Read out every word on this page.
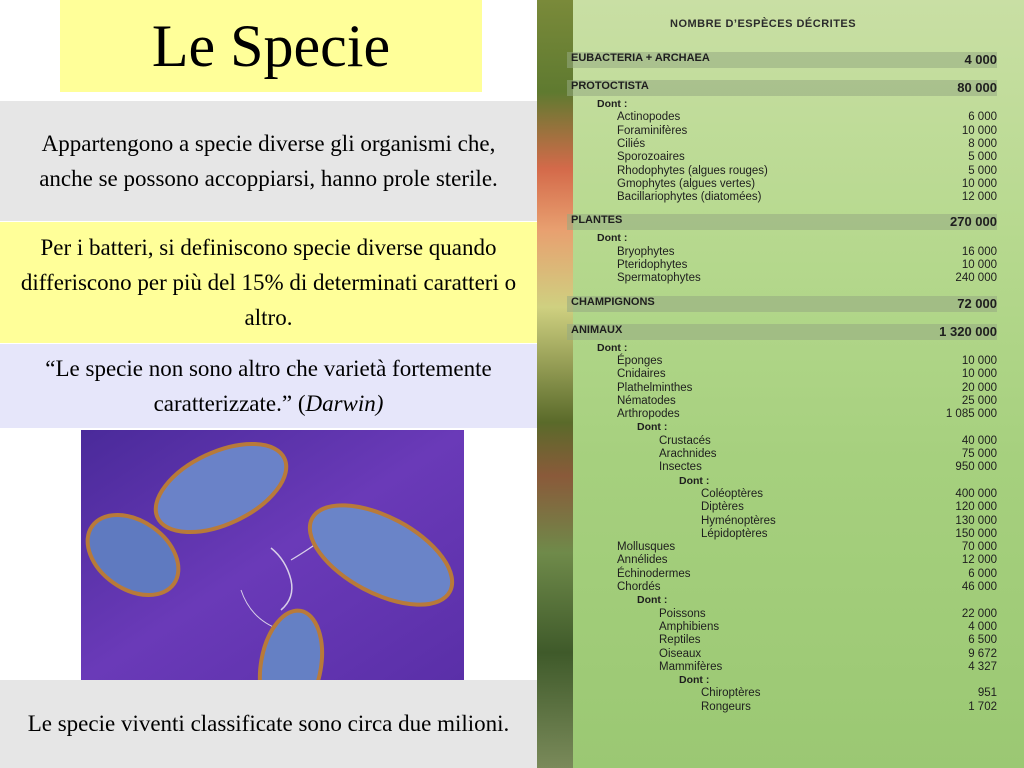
Le Specie
Appartengono a specie diverse gli organismi che, anche se possono accoppiarsi, hanno prole sterile.
Per i batteri, si definiscono specie diverse quando differiscono per più del 15% di determinati caratteri o altro.
“Le specie non sono altro che varietà fortemente caratterizzate.” (Darwin)
Le specie viventi classificate sono circa due milioni.
NOMBRE D’ESPÈCES DÉCRITES
EUBACTERIA + ARCHAEA	4 000
PROTOCTISTA	80 000
Dont :
Actinopodes	6 000
Foraminifères	10 000
Ciliés	8 000
Sporozoaires	5 000
Rhodophytes (algues rouges)	5 000
Gmophytes (algues vertes)	10 000
Bacillariophytes (diatomées)	12 000
PLANTES	270 000
Dont :
Bryophytes	16 000
Pteridophytes	10 000
Spermatophytes	240 000
CHAMPIGNONS	72 000
ANIMAUX	1 320 000
Dont :
Éponges	10 000
Cnidaires	10 000
Plathelminthes	20 000
Nématodes	25 000
Arthropodes	1 085 000
Dont :
Crustacés	40 000
Arachnides	75 000
Insectes	950 000
Dont :
Coléoptères	400 000
Diptères	120 000
Hyménoptères	130 000
Lépidoptères	150 000
Mollusques	70 000
Annélides	12 000
Échinodermes	6 000
Chordés	46 000
Dont :
Poissons	22 000
Amphibiens	4 000
Reptiles	6 500
Oiseaux	9 672
Mammifères	4 327
Dont :
Chiroptères	951
Rongeurs	1 702
